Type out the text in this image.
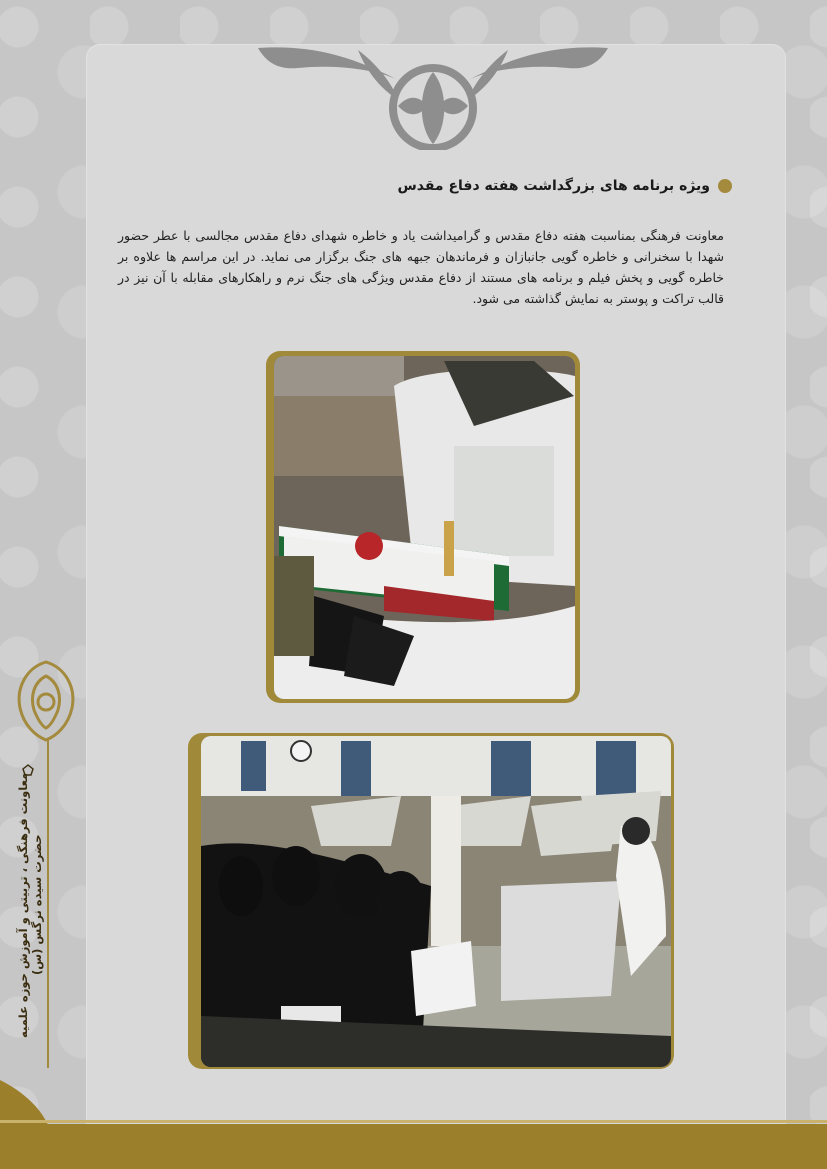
ویژه برنامه های بزرگداشت هفته دفاع مقدس

معاونت فرهنگی بمناسبت هفته دفاع مقدس و گرامیداشت یاد و خاطره شهدای دفاع مقدس مجالسی با عطر حضور شهدا با سخنرانی و خاطره گویی جانبازان و فرماندهان جبهه های جنگ برگزار می نماید. در این مراسم ها علاوه بر خاطره گویی و پخش فیلم و برنامه های مستند از دفاع مقدس ویژگی های جنگ نرم و راهکارهای مقابله با آن نیز در قالب تراکت و پوستر به نمایش گذاشته می شود.

معاونت فرهنگی ، تربیتی و آموزش حوزه علمیه حضرت سیده نرگس (س)
